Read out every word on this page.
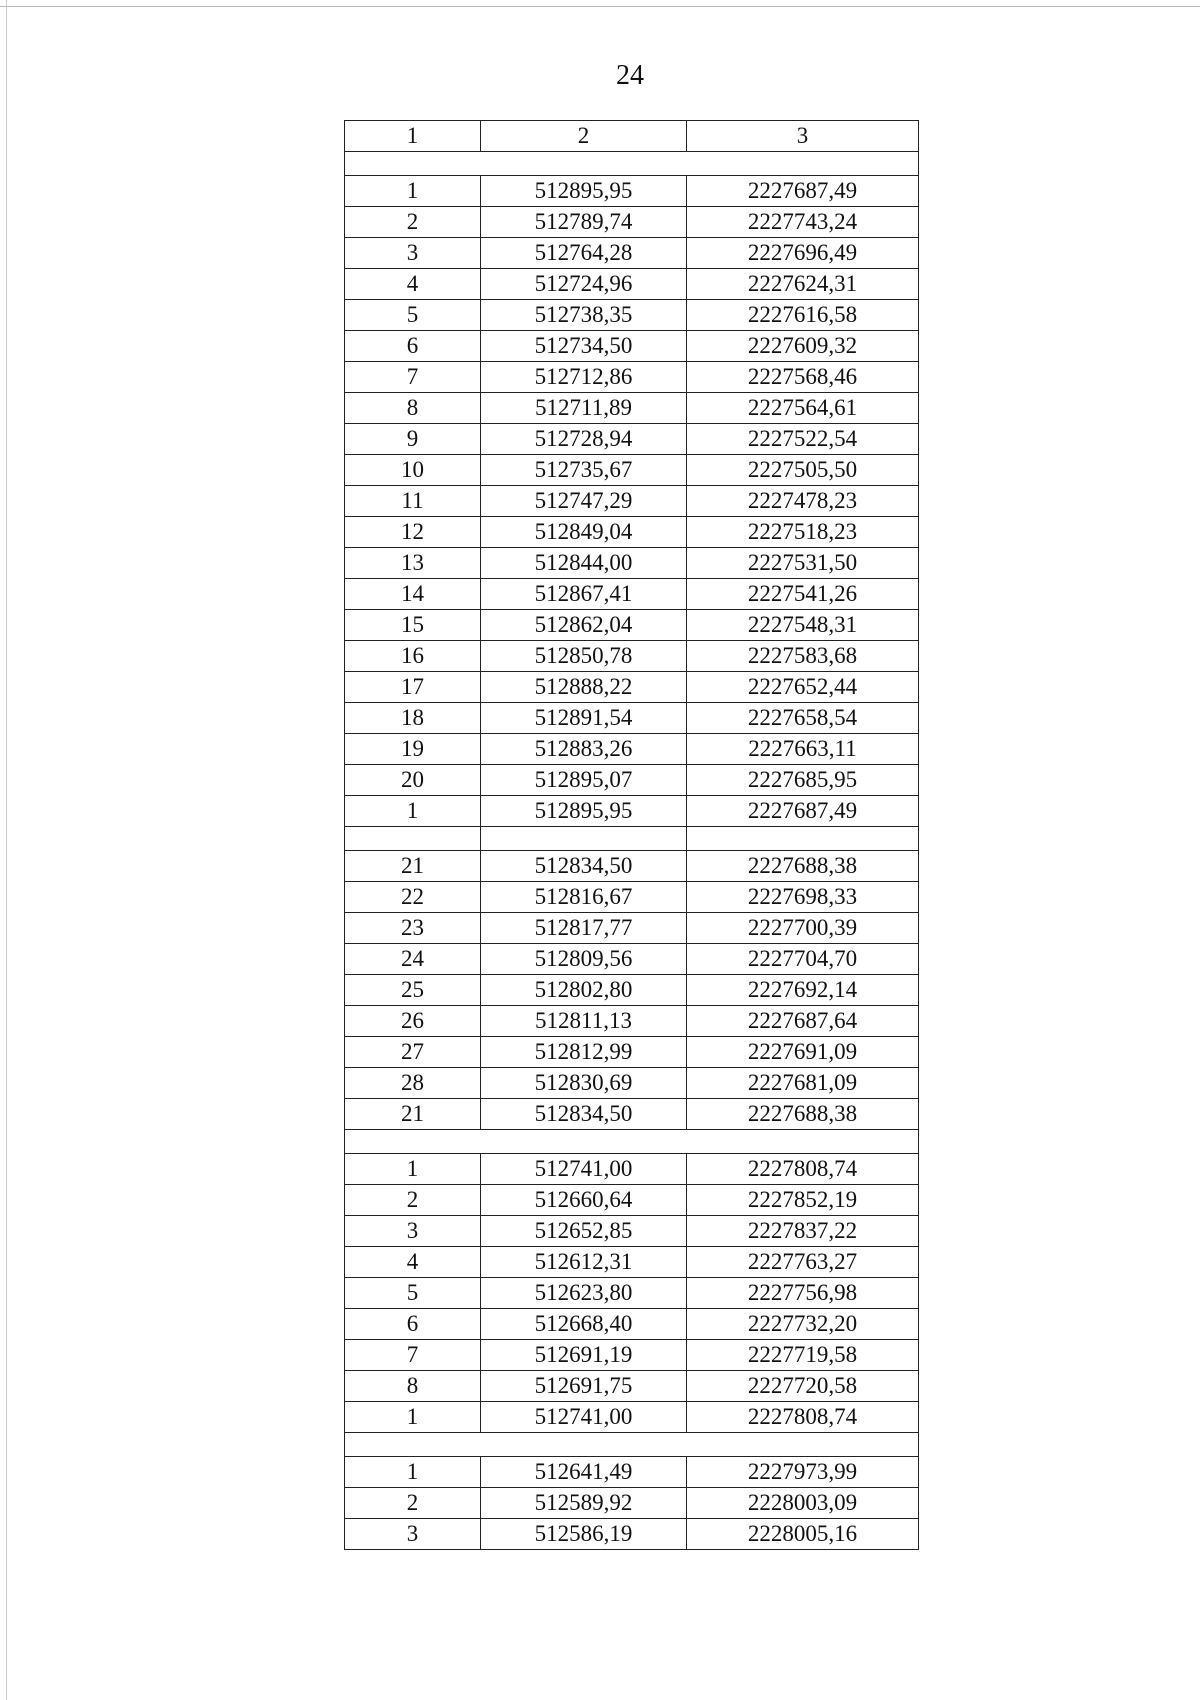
24
1	2	3

1	512895,95	2227687,49
2	512789,74	2227743,24
3	512764,28	2227696,49
4	512724,96	2227624,31
5	512738,35	2227616,58
6	512734,50	2227609,32
7	512712,86	2227568,46
8	512711,89	2227564,61
9	512728,94	2227522,54
10	512735,67	2227505,50
11	512747,29	2227478,23
12	512849,04	2227518,23
13	512844,00	2227531,50
14	512867,41	2227541,26
15	512862,04	2227548,31
16	512850,78	2227583,68
17	512888,22	2227652,44
18	512891,54	2227658,54
19	512883,26	2227663,11
20	512895,07	2227685,95
1	512895,95	2227687,49

21	512834,50	2227688,38
22	512816,67	2227698,33
23	512817,77	2227700,39
24	512809,56	2227704,70
25	512802,80	2227692,14
26	512811,13	2227687,64
27	512812,99	2227691,09
28	512830,69	2227681,09
21	512834,50	2227688,38

1	512741,00	2227808,74
2	512660,64	2227852,19
3	512652,85	2227837,22
4	512612,31	2227763,27
5	512623,80	2227756,98
6	512668,40	2227732,20
7	512691,19	2227719,58
8	512691,75	2227720,58
1	512741,00	2227808,74

1	512641,49	2227973,99
2	512589,92	2228003,09
3	512586,19	2228005,16
